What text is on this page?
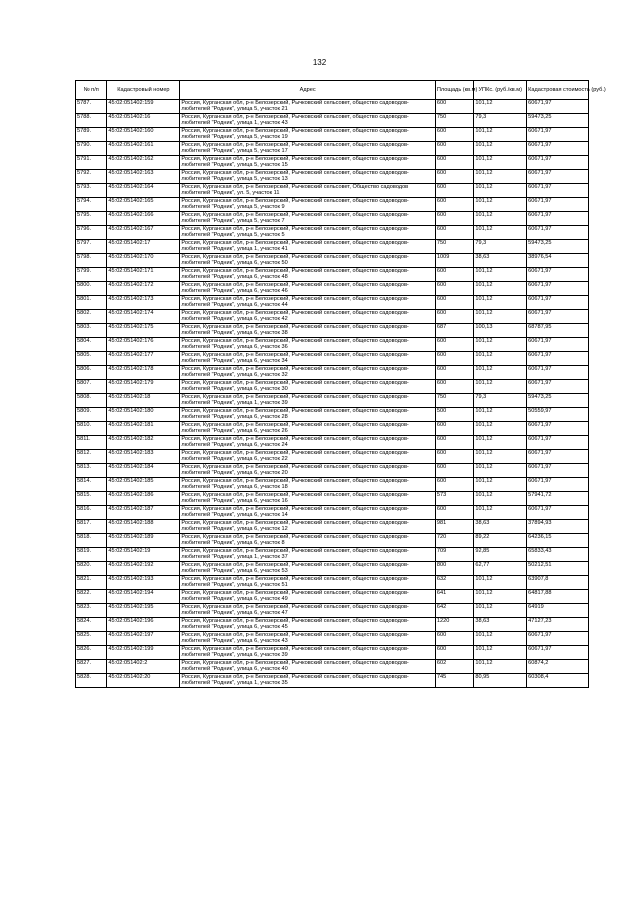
132
№ п/п	Кадастровый номер	Адрес	Площадь (кв.м)	УПКс. (руб./кв.м)	Кадастровая стоимость (руб.)
5787.	45:02:051402:159	Россия, Курганская обл, р-н Белозерский, Рычковский сельсовет, общество садоводов-любителей "Родник", улица 5, участок 21	600	101,12	60671,97
5788.	45:02:051402:16	Россия, Курганская обл, р-н Белозерский, Рычковский сельсовет, общество садоводов-любителей "Родник", улица 1, участок 43	750	79,3	59473,25
5789.	45:02:051402:160	Россия, Курганская обл, р-н Белозерский, Рычковский сельсовет, общество садоводов-любителей "Родник", улица 5, участок 19	600	101,12	60671,97
5790.	45:02:051402:161	Россия, Курганская обл, р-н Белозерский, Рычковский сельсовет, общество садоводов-любителей "Родник", улица 5, участок 17	600	101,12	60671,97
5791.	45:02:051402:162	Россия, Курганская обл, р-н Белозерский, Рычковский сельсовет, общество садоводов-любителей "Родник", улица 5, участок 15	600	101,12	60671,97
5792.	45:02:051402:163	Россия, Курганская обл, р-н Белозерский, Рычковский сельсовет, общество садоводов-любителей "Родник", улица 5, участок 13	600	101,12	60671,97
5793.	45:02:051402:164	Россия, Курганская обл, р-н Белозерский, Рычковский сельсовет, Общество садоводов любителей "Родник", ул. 5, участок 11	600	101,12	60671,97
5794.	45:02:051402:165	Россия, Курганская обл, р-н Белозерский, Рычковский сельсовет, общество садоводов-любителей "Родник", улица 5, участок 9	600	101,12	60671,97
5795.	45:02:051402:166	Россия, Курганская обл, р-н Белозерский, Рычковский сельсовет, общество садоводов-любителей "Родник", улица 5, участок 7	600	101,12	60671,97
5796.	45:02:051402:167	Россия, Курганская обл, р-н Белозерский, Рычковский сельсовет, общество садоводов-любителей "Родник", улица 5, участок 5	600	101,12	60671,97
5797.	45:02:051402:17	Россия, Курганская обл, р-н Белозерский, Рычковский сельсовет, общество садоводов-любителей "Родник", улица 1, участок 41	750	79,3	59473,25
5798.	45:02:051402:170	Россия, Курганская обл, р-н Белозерский, Рычковский сельсовет, общество садоводов-любителей "Родник", улица 6, участок 50	1009	38,63	38976,54
5799.	45:02:051402:171	Россия, Курганская обл, р-н Белозерский, Рычковский сельсовет, общество садоводов-любителей "Родник", улица 6, участок 48	600	101,12	60671,97
5800.	45:02:051402:172	Россия, Курганская обл, р-н Белозерский, Рычковский сельсовет, общество садоводов-любителей "Родник", улица 6, участок 46	600	101,12	60671,97
5801.	45:02:051402:173	Россия, Курганская обл, р-н Белозерский, Рычковский сельсовет, общество садоводов-любителей "Родник", улица 6, участок 44	600	101,12	60671,97
5802.	45:02:051402:174	Россия, Курганская обл, р-н Белозерский, Рычковский сельсовет, общество садоводов-любителей "Родник", улица 6, участок 42	600	101,12	60671,97
5803.	45:02:051402:175	Россия, Курганская обл, р-н Белозерский, Рычковский сельсовет, общество садоводов-любителей "Родник", улица 6, участок 38	687	100,13	68787,95
5804.	45:02:051402:176	Россия, Курганская обл, р-н Белозерский, Рычковский сельсовет, общество садоводов-любителей "Родник", улица 6, участок 36	600	101,12	60671,97
5805.	45:02:051402:177	Россия, Курганская обл, р-н Белозерский, Рычковский сельсовет, общество садоводов-любителей "Родник", улица 6, участок 34	600	101,12	60671,97
5806.	45:02:051402:178	Россия, Курганская обл, р-н Белозерский, Рычковский сельсовет, общество садоводов-любителей "Родник", улица 6, участок 32	600	101,12	60671,97
5807.	45:02:051402:179	Россия, Курганская обл, р-н Белозерский, Рычковский сельсовет, общество садоводов-любителей "Родник", улица 6, участок 30	600	101,12	60671,97
5808.	45:02:051402:18	Россия, Курганская обл, р-н Белозерский, Рычковский сельсовет, общество садоводов-любителей "Родник", улица 1, участок 39	750	79,3	59473,25
5809.	45:02:051402:180	Россия, Курганская обл, р-н Белозерский, Рычковский сельсовет, общество садоводов-любителей "Родник", улица 6, участок 28	500	101,12	50559,97
5810.	45:02:051402:181	Россия, Курганская обл, р-н Белозерский, Рычковский сельсовет, общество садоводов-любителей "Родник", улица 6, участок 26	600	101,12	60671,97
5811.	45:02:051402:182	Россия, Курганская обл, р-н Белозерский, Рычковский сельсовет, общество садоводов-любителей "Родник", улица 6, участок 24	600	101,12	60671,97
5812.	45:02:051402:183	Россия, Курганская обл, р-н Белозерский, Рычковский сельсовет, общество садоводов-любителей "Родник", улица 6, участок 22	600	101,12	60671,97
5813.	45:02:051402:184	Россия, Курганская обл, р-н Белозерский, Рычковский сельсовет, общество садоводов-любителей "Родник", улица 6, участок 20	600	101,12	60671,97
5814.	45:02:051402:185	Россия, Курганская обл, р-н Белозерский, Рычковский сельсовет, общество садоводов-любителей "Родник", улица 6, участок 18	600	101,12	60671,97
5815.	45:02:051402:186	Россия, Курганская обл, р-н Белозерский, Рычковский сельсовет, общество садоводов-любителей "Родник", улица 6, участок 16	573	101,12	57941,72
5816.	45:02:051402:187	Россия, Курганская обл, р-н Белозерский, Рычковский сельсовет, общество садоводов-любителей "Родник", улица 6, участок 14	600	101,12	60671,97
5817.	45:02:051402:188	Россия, Курганская обл, р-н Белозерский, Рычковский сельсовет, общество садоводов-любителей "Родник", улица 6, участок 12	981	38,63	37894,93
5818.	45:02:051402:189	Россия, Курганская обл, р-н Белозерский, Рычковский сельсовет, общество садоводов-любителей "Родник", улица 6, участок 8	720	89,22	64236,15
5819.	45:02:051402:19	Россия, Курганская обл, р-н Белозерский, Рычковский сельсовет, общество садоводов-любителей "Родник", улица 1, участок 37	709	92,85	65833,43
5820.	45:02:051402:192	Россия, Курганская обл, р-н Белозерский, Рычковский сельсовет, общество садоводов-любителей "Родник", улица 6, участок 53	800	62,77	50212,51
5821.	45:02:051402:193	Россия, Курганская обл, р-н Белозерский, Рычковский сельсовет, общество садоводов-любителей "Родник", улица 6, участок 51	632	101,12	63907,8
5822.	45:02:051402:194	Россия, Курганская обл, р-н Белозерский, Рычковский сельсовет, общество садоводов-любителей "Родник", улица 6, участок 49	641	101,12	64817,88
5823.	45:02:051402:195	Россия, Курганская обл, р-н Белозерский, Рычковский сельсовет, общество садоводов-любителей "Родник", улица 6, участок 47	642	101,12	64919
5824.	45:02:051402:196	Россия, Курганская обл, р-н Белозерский, Рычковский сельсовет, общество садоводов-любителей "Родник", улица 6, участок 45	1220	38,63	47127,23
5825.	45:02:051402:197	Россия, Курганская обл, р-н Белозерский, Рычковский сельсовет, общество садоводов-любителей "Родник", улица 6, участок 43	600	101,12	60671,97
5826.	45:02:051402:199	Россия, Курганская обл, р-н Белозерский, Рычковский сельсовет, общество садоводов-любителей "Родник", улица 6, участок 39	600	101,12	60671,97
5827.	45:02:051402:2	Россия, Курганская обл, р-н Белозерский, Рычковский сельсовет, общество садоводов-любителей "Родник", улица 6, участок 40	602	101,12	60874,2
5828.	45:02:051402:20	Россия, Курганская обл, р-н Белозерский, Рычковский сельсовет, общество садоводов-любителей "Родник", улица 1, участок 35	745	80,95	60308,4
